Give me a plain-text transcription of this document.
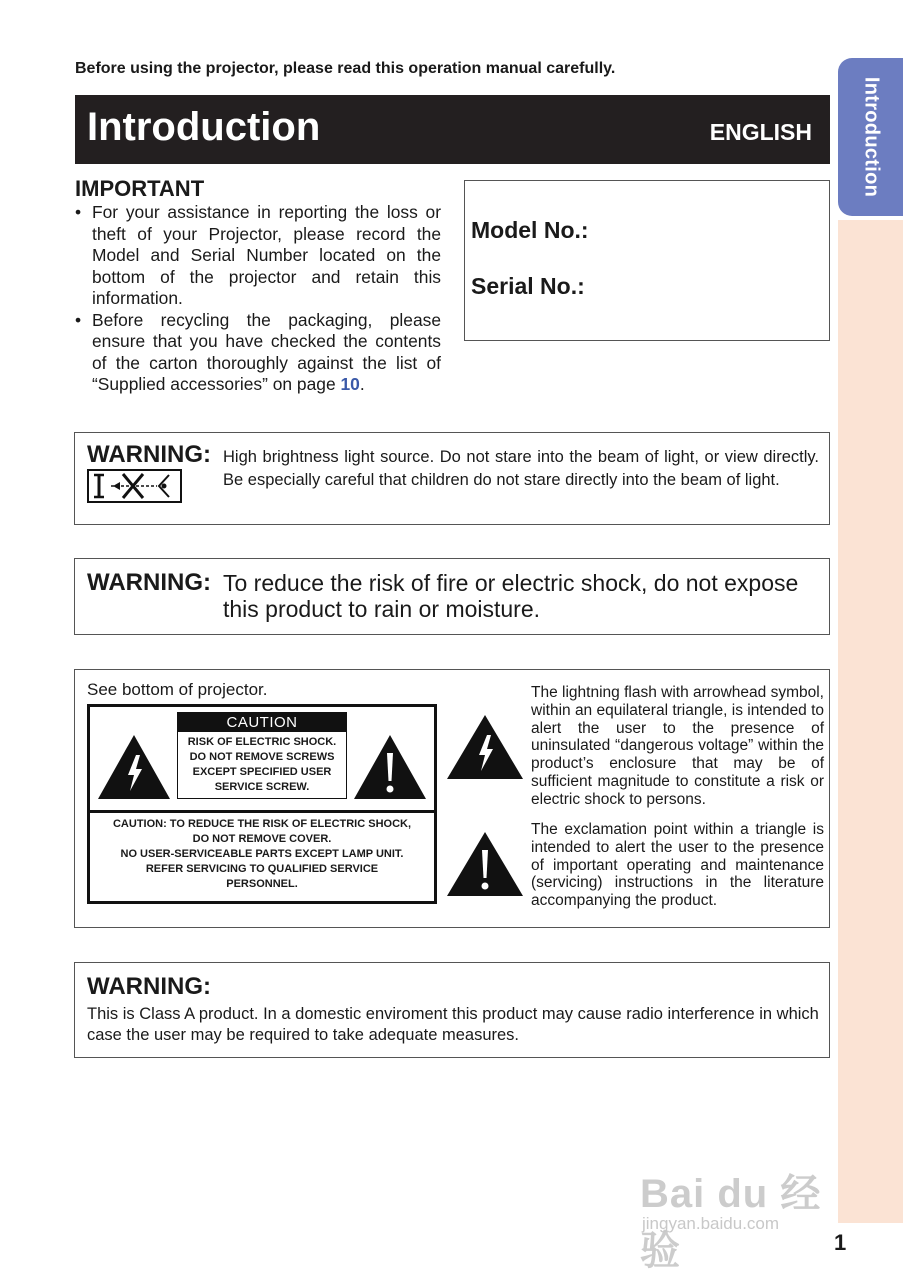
Introduction
Before using the projector, please read this operation manual carefully.
Introduction	ENGLISH
IMPORTANT
• For your assistance in reporting the loss or theft of your Projector, please record the Model and Serial Number located on the bottom of the projector and retain this information.
• Before recycling the packaging, please ensure that you have checked the contents of the carton thoroughly against the list of “Supplied accessories” on page 10.
Model No.:
Serial No.:
WARNING: High brightness light source. Do not stare into the beam of light, or view directly. Be especially careful that children do not stare directly into the beam of light.
WARNING: To reduce the risk of fire or electric shock, do not expose this product to rain or moisture.
See bottom of projector.
CAUTION
RISK OF ELECTRIC SHOCK.
DO NOT REMOVE SCREWS
EXCEPT SPECIFIED USER
SERVICE SCREW.
CAUTION: TO REDUCE THE RISK OF ELECTRIC SHOCK,
DO NOT REMOVE COVER.
NO USER-SERVICEABLE PARTS EXCEPT LAMP UNIT.
REFER SERVICING TO QUALIFIED SERVICE
PERSONNEL.
The lightning flash with arrowhead symbol, within an equilateral triangle, is intended to alert the user to the presence of uninsulated “dangerous voltage” within the product’s enclosure that may be of sufficient magnitude to constitute a risk or electric shock to persons.
The exclamation point within a triangle is intended to alert the user to the presence of important operating and maintenance (servicing) instructions in the literature accompanying the product.
WARNING:
This is Class A product. In a domestic enviroment this product may cause radio interference in which case the user may be required to take adequate measures.
Bai du 经验
jingyan.baidu.com
1
